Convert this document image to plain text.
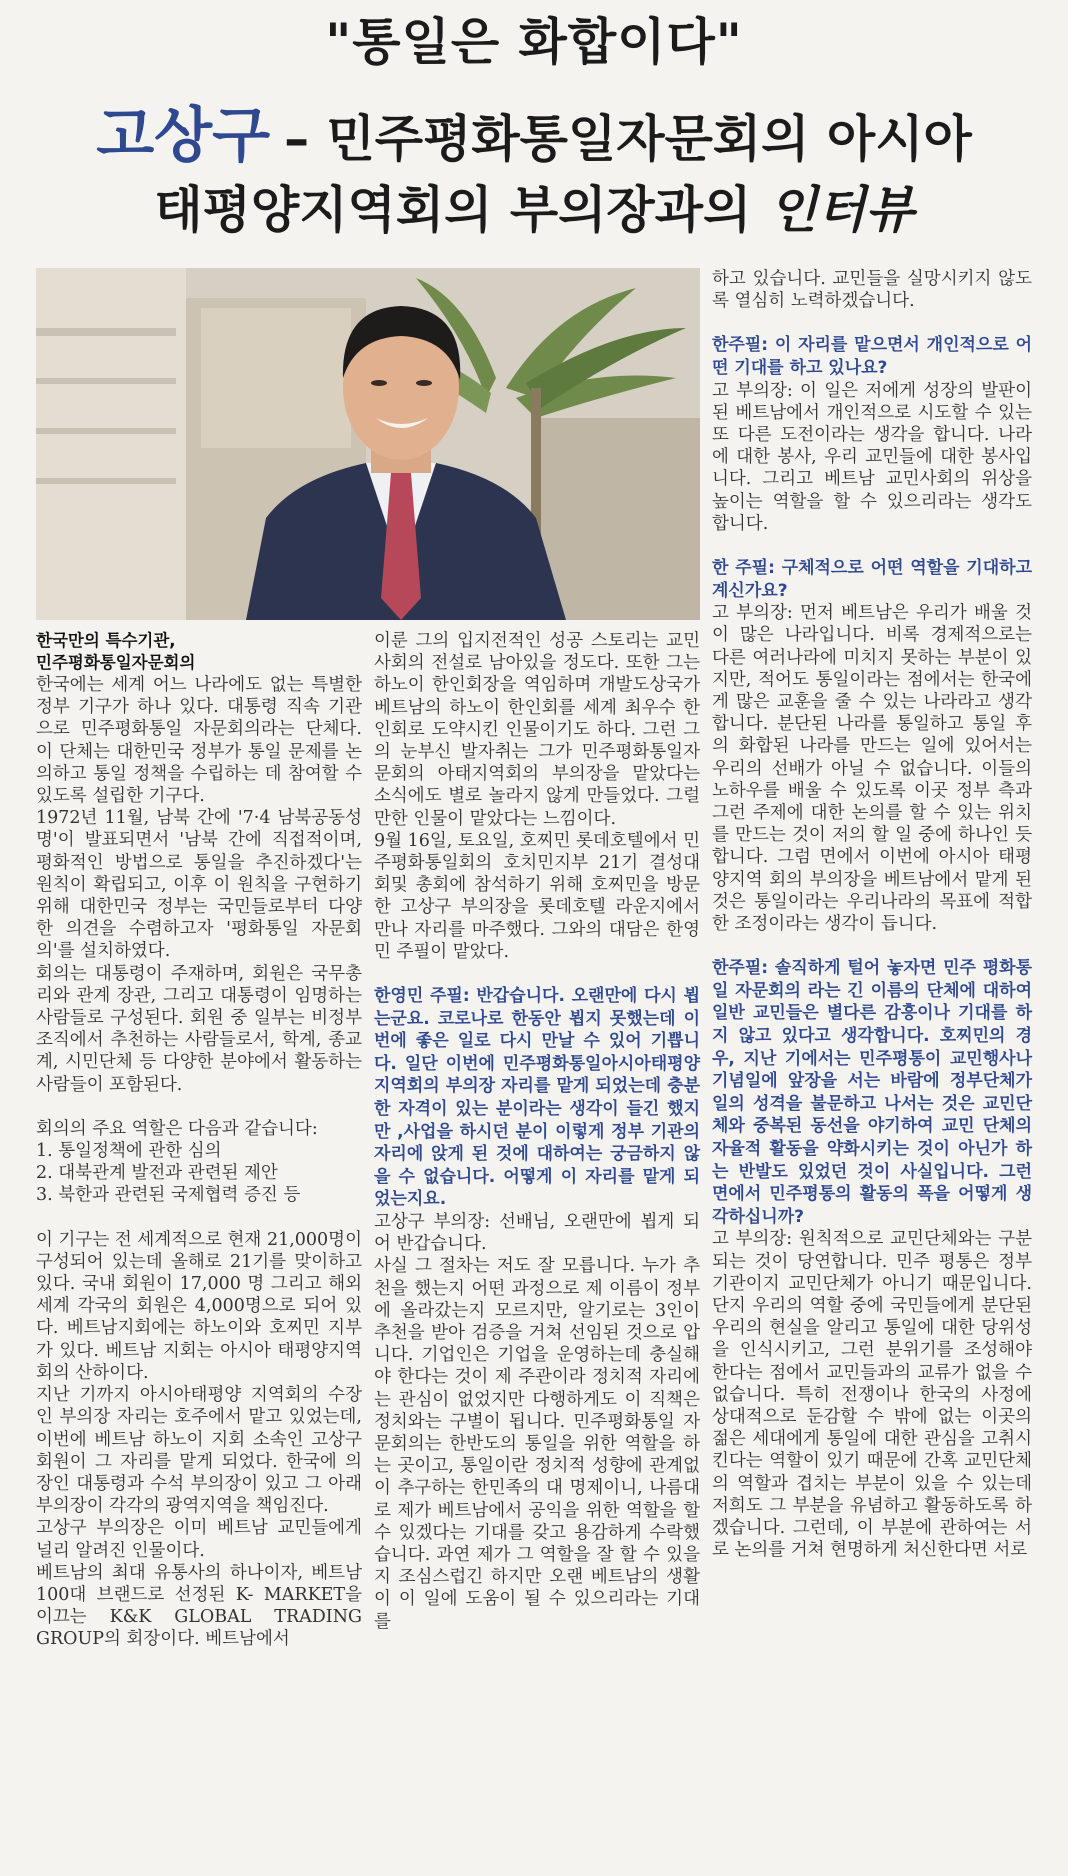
"통일은 화합이다"
고상구 – 민주평화통일자문회의 아시아
태평양지역회의 부의장과의 인터뷰
한국만의 특수기관,
민주평화통일자문회의

한국에는 세계 어느 나라에도 없는 특별한 정부 기구가 하나 있다. 대통령 직속 기관으로 민주평화통일 자문회의라는 단체다. 이 단체는 대한민국 정부가 통일 문제를 논의하고 통일 정책을 수립하는 데 참여할 수 있도록 설립한 기구다.

1972년 11월, 남북 간에 '7·4 남북공동성명'이 발표되면서 '남북 간에 직접적이며, 평화적인 방법으로 통일을 추진하겠다'는 원칙이 확립되고, 이후 이 원칙을 구현하기 위해 대한민국 정부는 국민들로부터 다양한 의견을 수렴하고자 '평화통일 자문회의'를 설치하였다.

회의는 대통령이 주재하며, 회원은 국무총리와 관계 장관, 그리고 대통령이 임명하는 사람들로 구성된다. 회원 중 일부는 비정부 조직에서 추천하는 사람들로서, 학계, 종교계, 시민단체 등 다양한 분야에서 활동하는 사람들이 포함된다.

회의의 주요 역할은 다음과 같습니다:

1. 통일정책에 관한 심의

2. 대북관계 발전과 관련된 제안

3. 북한과 관련된 국제협력 증진 등

이 기구는 전 세계적으로 현재 21,000명이 구성되어 있는데 올해로 21기를 맞이하고 있다. 국내 회원이 17,000 명 그리고 해외 세계 각국의 회원은 4,000명으로 되어 있다. 베트남지회에는 하노이와 호찌민 지부가 있다. 베트남 지회는 아시아 태평양지역회의 산하이다.

지난 기까지 아시아태평양 지역회의 수장인 부의장 자리는 호주에서 맡고 있었는데, 이번에 베트남 하노이 지회 소속인 고상구 회원이 그 자리를 맡게 되었다. 한국에 의장인 대통령과 수석 부의장이 있고 그 아래 부의장이 각각의 광역지역을 책임진다.

고상구 부의장은 이미 베트남 교민들에게 널리 알려진 인물이다.

베트남의 최대 유통사의 하나이자, 베트남 100대 브랜드로 선정된 K- MARKET을 이끄는 K&K GLOBAL TRADING GROUP의 회장이다. 베트남에서

이룬 그의 입지전적인 성공 스토리는 교민사회의 전설로 남아있을 정도다. 또한 그는 하노이 한인회장을 역임하며 개발도상국가 베트남의 하노이 한인회를 세계 최우수 한인회로 도약시킨 인물이기도 하다. 그런 그의 눈부신 발자취는 그가 민주평화통일자문회의 아태지역회의 부의장을 맡았다는 소식에도 별로 놀라지 않게 만들었다. 그럴만한 인물이 맡았다는 느낌이다.

9월 16일, 토요일, 호찌민 롯데호텔에서 민주평화통일회의 호치민지부 21기 결성대회및 총회에 참석하기 위해 호찌민을 방문한 고상구 부의장을 롯데호텔 라운지에서 만나 자리를 마주했다. 그와의 대담은 한영민 주필이 맡았다.

한영민 주필: 반갑습니다. 오랜만에 다시 뵙는군요. 코로나로 한동안 뵙지 못했는데 이번에 좋은 일로 다시 만날 수 있어 기쁩니다. 일단 이번에 민주평화통일아시아태평양지역회의 부의장 자리를 맡게 되었는데 충분한 자격이 있는 분이라는 생각이 들긴 했지만 ,사업을 하시던 분이 이렇게 정부 기관의 자리에 앉게 된 것에 대하여는 궁금하지 않을 수 없습니다. 어떻게 이 자리를 맡게 되었는지요.

고상구 부의장: 선배님, 오랜만에 뵙게 되어 반갑습니다.

사실 그 절차는 저도 잘 모릅니다. 누가 추천을 했는지 어떤 과정으로 제 이름이 정부에 올라갔는지 모르지만, 알기로는 3인이 추천을 받아 검증을 거쳐 선임된 것으로 압니다. 기업인은 기업을 운영하는데 충실해야 한다는 것이 제 주관이라 정치적 자리에는 관심이 없었지만 다행하게도 이 직책은 정치와는 구별이 됩니다. 민주평화통일 자문회의는 한반도의 통일을 위한 역할을 하는 곳이고, 통일이란 정치적 성향에 관계없이 추구하는 한민족의 대 명제이니, 나름대로 제가 베트남에서 공익을 위한 역할을 할 수 있겠다는 기대를 갖고 용감하게 수락했습니다. 과연 제가 그 역할을 잘 할 수 있을 지 조심스럽긴 하지만 오랜 베트남의 생활이 이 일에 도움이 될 수 있으리라는 기대를

하고 있습니다. 교민들을 실망시키지 않도록 열심히 노력하겠습니다.

한주필: 이 자리를 맡으면서 개인적으로 어떤 기대를 하고 있나요?

고 부의장: 이 일은 저에게 성장의 발판이 된 베트남에서 개인적으로 시도할 수 있는 또 다른 도전이라는 생각을 합니다. 나라에 대한 봉사, 우리 교민들에 대한 봉사입니다. 그리고 베트남 교민사회의 위상을 높이는 역할을 할 수 있으리라는 생각도 합니다.

한 주필: 구체적으로 어떤 역할을 기대하고 계신가요?

고 부의장: 먼저 베트남은 우리가 배울 것이 많은 나라입니다. 비록 경제적으로는 다른 여러나라에 미치지 못하는 부분이 있지만, 적어도 통일이라는 점에서는 한국에게 많은 교훈을 줄 수 있는 나라라고 생각합니다. 분단된 나라를 통일하고 통일 후의 화합된 나라를 만드는 일에 있어서는 우리의 선배가 아닐 수 없습니다. 이들의 노하우를 배울 수 있도록 이곳 정부 측과 그런 주제에 대한 논의를 할 수 있는 위치를 만드는 것이 저의 할 일 중에 하나인 듯합니다. 그럼 면에서 이번에 아시아 태평양지역 회의 부의장을 베트남에서 맡게 된 것은 통일이라는 우리나라의 목표에 적합한 조정이라는 생각이 듭니다.

한주필: 솔직하게 털어 놓자면 민주 평화통일 자문회의 라는 긴 이름의 단체에 대하여 일반 교민들은 별다른 감흥이나 기대를 하지 않고 있다고 생각합니다. 호찌민의 경우, 지난 기에서는 민주평통이 교민행사나 기념일에 앞장을 서는 바람에 정부단체가 일의 성격을 불문하고 나서는 것은 교민단체와 중복된 동선을 야기하여 교민 단체의 자율적 활동을 약화시키는 것이 아닌가 하는 반발도 있었던 것이 사실입니다. 그런 면에서 민주평통의 활동의 폭을 어떻게 생각하십니까?

고 부의장: 원칙적으로 교민단체와는 구분되는 것이 당연합니다. 민주 평통은 정부기관이지 교민단체가 아니기 때문입니다. 단지 우리의 역할 중에 국민들에게 분단된 우리의 현실을 알리고 통일에 대한 당위성을 인식시키고, 그런 분위기를 조성해야 한다는 점에서 교민들과의 교류가 없을 수 없습니다. 특히 전쟁이나 한국의 사정에 상대적으로 둔감할 수 밖에 없는 이곳의 젊은 세대에게 통일에 대한 관심을 고취시킨다는 역할이 있기 때문에 간혹 교민단체의 역할과 겹치는 부분이 있을 수 있는데 저희도 그 부분을 유념하고 활동하도록 하겠습니다. 그런데, 이 부분에 관하여는 서로 논의를 거쳐 현명하게 처신한다면 서로
